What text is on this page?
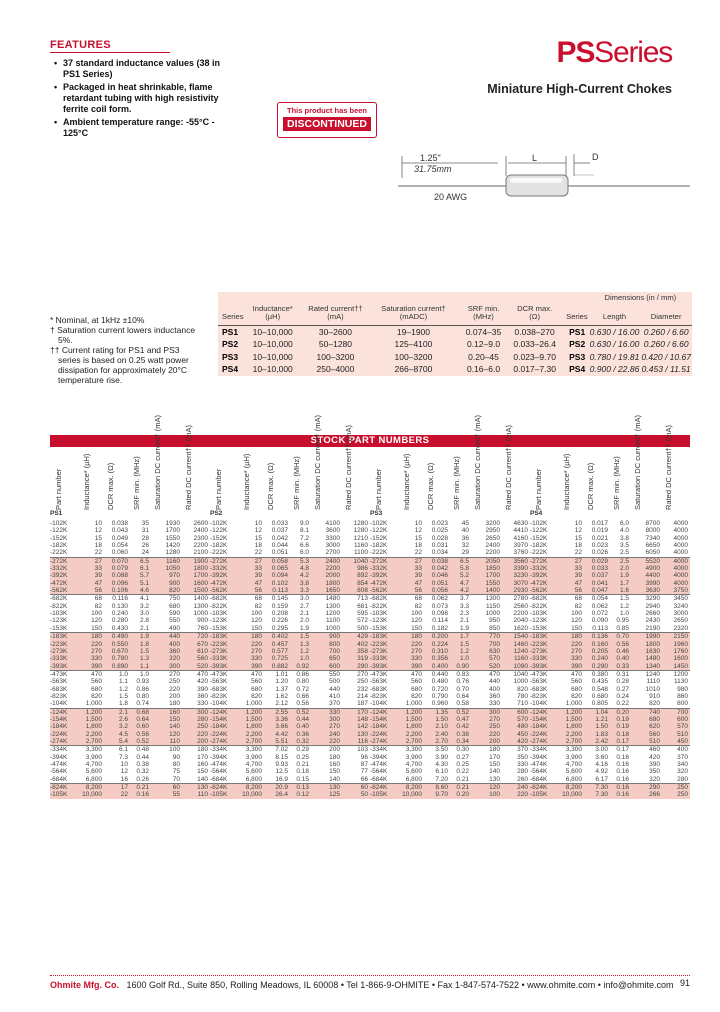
FEATURES
• 37 standard inductance values (38 in PS1 Series)
• Packaged in heat shrinkable, flame retardant tubing with high resistivity ferrite coil form.
• Ambient temperature range: -55°C - 125°C
PSSeries
Miniature High-Current Chokes
This product has been
DISCONTINUED
1.25"
31.75mm
L	D
20 AWG

* Nominal, at 1kHz ±10%

† Saturation current lowers inductance 5%.

†† Current rating for PS1 and PS3 series is based on 0.25 watt power dissipation for approximately 20°C temperature rise.

								Dimensions (in / mm)	
Series	Inductance* (µH)	Rated current†† (mA)	Saturation current† (mADC)	SRF min. (MHz)	DCR max. (Ω)		Series	Length	Diameter
PS1	10–10,000	30–2600	19–1900	0.074–35	0.038–270		PS1	0.630 / 16.00	0.260 / 6.60
PS2	10–10,000	50–1280	125–4100	0.12–9.0	0.033–26.4		PS2	0.630 / 16.00	0.260 / 6.60
PS3	10–10,000	100–3200	100–3200	0.20–45	0.023–9.70		PS3	0.780 / 19.81	0.420 / 10.67
PS4	10–10,000	250–4000	266–8700	0.16–6.0	0.017–7.30		PS4	0.900 / 22.86	0.453 / 11.51
STOCK PART NUMBERS
Part number	Inductance* (µH) DCR max. (Ω) SRF min. (MHz) Saturation DC current† (mA)	Rated DC current†† (mA)
PS1
-102K	10	0.038	35	1930	2600
-122K	12	0.043	31	1700	2400
-152K	15	0.049	28	1550	2300
-182K	18	0.054	26	1420	2200
-222K	22	0.060	24	1280	2100
-272K	27	0.070	6.5	1160	1900
-332K	33	0.079	6.1	1050	1800
-392K	39	0.088	5.7	970	1700
-472K	47	0.096	5.1	900	1600
-562K	56	0.106	4.6	820	1500
-682K	68	0.116	4.1	750	1400
-822K	82	0.130	3.2	680	1300
-103K	100	0.240	3.0	590	1000
-123K	120	0.280	2.8	550	900
-153K	150	0.430	2.1	490	760
-183K	180	0.490	1.9	440	720
-223K	220	0.550	1.8	400	670
-273K	270	0.670	1.5	360	610
-333K	330	0.780	1.3	320	560
-393K	390	0.890	1.1	300	520
-473K	470	1.0	1.0	270	470
-563K	560	1.1	0.93	250	420
-683K	680	1.2	0.86	220	390
-823K	820	1.5	0.80	200	360
-104K	1,000	1.8	0.74	180	330
-124K	1,200	2.1	0.68	160	300
-154K	1,500	2.6	0.64	150	280
-184K	1,800	3.2	0.60	140	250
-224K	2,200	4.5	0.56	120	220
-274K	2,700	5.4	0.52	110	200
-334K	3,300	6.1	0.48	100	180
-394K	3,900	7.3	0.44	90	170
-474K	4,700	10	0.38	80	160
-564K	5,600	12	0.32	75	150
-684K	6,800	16	0.26	70	140
-824K	8,200	17	0.21	60	130
-105K	10,000	22	0.16	55	110
Part number	Inductance* (µH) DCR max. (Ω) SRF min. (MHz) Saturation DC current† (mA)	Rated DC current†† (mA)
PS2
-102K	10	0.033	9.0	4100	1280
-122K	12	0.037	8.1	3600	1280
-152K	15	0.042	7.2	3300	1210
-182K	18	0.044	6.6	3000	1160
-222K	22	0.051	6.0	2700	1100
-272K	27	0.058	5.3	2400	1040
-332K	33	0.065	4.8	2200	986
-392K	39	0.094	4.2	2000	892
-472K	47	0.102	3.8	1800	854
-562K	56	0.113	3.3	1650	808
-682K	68	0.145	3.0	1480	713
-822K	82	0.159	2.7	1300	681
-103K	100	0.208	2.1	1200	595
-123K	120	0.226	2.0	1100	572
-153K	150	0.295	1.9	1000	500
-183K	180	0.402	1.5	900	429
-223K	220	0.457	1.3	800	402
-273K	270	0.577	1.2	700	358
-333K	330	0.725	1.0	650	319
-393K	390	0.882	0.92	600	290
-473K	470	1.01	0.86	550	270
-563K	560	1.20	0.80	500	250
-683K	680	1.37	0.72	440	232
-823K	820	1.62	0.66	410	214
-104K	1,000	2.12	0.56	370	187
-124K	1,200	2.55	0.52	330	170
-154K	1,500	3.36	0.44	300	148
-184K	1,800	3.66	0.40	270	142
-224K	2,200	4.42	0.36	240	130
-274K	2,700	5.51	0.32	220	116
-334K	3,300	7.02	0.29	200	103
-394K	3,900	8.15	0.25	180	96
-474K	4,700	9.93	0.21	160	87
-564K	5,600	12.5	0.18	150	77
-684K	6,800	16.9	0.15	140	66
-824K	8,200	20.9	0.13	130	60
-105K	10,000	26.4	0.12	125	50
Part number	Inductance* (µH) DCR max. (Ω) SRF min. (MHz) Saturation DC current† (mA)	Rated DC current†† (mA)
PS3
-102K	10	0.023	45	3200	4630
-122K	12	0.025	40	2950	4410
-152K	15	0.028	36	2650	4160
-182K	18	0.031	32	2400	3970
-222K	22	0.034	29	2200	3760
-272K	27	0.038	6.5	2050	3560
-332K	33	0.042	5.8	1850	3390
-392K	39	0.046	5.2	1700	3230
-472K	47	0.051	4.7	1550	3070
-562K	56	0.056	4.2	1400	2930
-682K	68	0.062	3.7	1300	2780
-822K	82	0.073	3.3	1150	2560
-103K	100	0.098	2.3	1000	2200
-123K	120	0.114	2.1	950	2040
-153K	150	0.182	1.9	850	1620
-183K	180	0.200	1.7	770	1540
-223K	220	0.224	1.5	700	1460
-273K	270	0.310	1.2	630	1240
-333K	330	0.356	1.0	570	1160
-393K	390	0.400	0.90	520	1090
-473K	470	0.440	0.83	470	1040
-563K	560	0.480	0.76	440	1000
-683K	680	0.720	0.70	400	820
-823K	820	0.790	0.64	360	780
-104K	1,000	0.960	0.58	330	710
-124K	1,200	1.35	0.52	300	600
-154K	1,500	1.50	0.47	270	570
-184K	1,800	2.10	0.42	250	480
-224K	2,200	2.40	0.38	220	450
-274K	2,700	2.70	0.34	200	420
-334K	3,300	3.50	0.30	180	370
-394K	3,900	3.90	0.27	170	350
-474K	4,700	4.30	0.25	150	330
-564K	5,600	6.10	0.22	140	280
-684K	6,800	7.20	0.21	130	260
-824K	8,200	8.60	0.21	120	240
-105K	10,000	9.70	0.20	100	220
Part number	Inductance* (µH) DCR max. (Ω) SRF min. (MHz) Saturation DC current† (mA)	Rated DC current†† (mA)
PS4
-102K	10	0.017	6.0	8700	4000
-122K	12	0.019	4.0	8000	4000
-152K	15	0.021	3.8	7340	4000
-182K	18	0.023	3.5	6650	4000
-222K	22	0.026	2.5	6050	4000
-272K	27	0.029	2.5	5520	4000
-332K	33	0.033	2.0	4900	4000
-392K	39	0.037	1.9	4400	4000
-472K	47	0.041	1.7	3990	4000
-562K	56	0.047	1.6	3630	3750
-682K	68	0.054	1.5	3290	3450
-822K	82	0.062	1.2	2940	3240
-103K	100	0.072	1.0	2660	3000
-123K	120	0.090	0.95	2430	2650
-153K	150	0.113	0.85	2190	2320
-183K	180	0.136	0.70	1990	2150
-223K	220	0.160	0.56	1800	1960
-273K	270	0.205	0.46	1630	1760
-333K	330	0.240	0.40	1480	1600
-393K	390	0.290	0.33	1340	1450
-473K	470	0.380	0.31	1240	1200
-563K	560	0.435	0.28	1110	1130
-683K	680	0.548	0.27	1010	980
-823K	820	0.680	0.24	910	860
-104K	1,000	0.805	0.22	820	800
-124K	1,200	1.04	0.20	740	700
-154K	1,500	1.21	0.19	680	600
-184K	1,800	1.50	0.19	620	570
-224K	2,200	1.83	0.18	560	510
-274K	2,700	2.42	0.17	510	450
-334K	3,300	3.00	0.17	460	400
-394K	3,900	3.60	0.16	420	370
-474K	4,700	4.16	0.16	390	340
-564K	5,600	4.92	0.16	350	320
-684K	6,800	6.17	0.16	320	280
-824K	8,200	7.30	0.16	290	250
-105K	10,000	7.30	0.16	266	250
Ohmite Mfg. Co. 1600 Golf Rd., Suite 850, Rolling Meadows, IL 60008 • Tel 1-866-9-OHMITE • Fax 1-847-574-7522 • www.ohmite.com • info@ohmite.com 91
